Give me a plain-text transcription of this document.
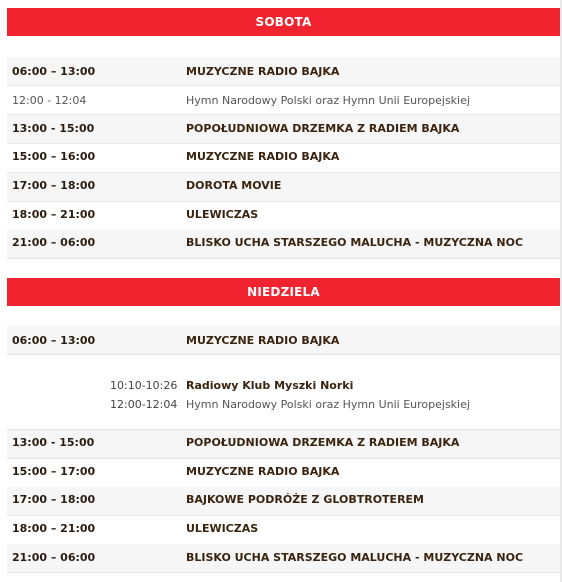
SOBOTA
06:00 – 13:00	MUZYCZNE RADIO BAJKA
12:00 - 12:04	Hymn Narodowy Polski oraz Hymn Unii Europejskiej
13:00 - 15:00	POPOŁUDNIOWA DRZEMKA Z RADIEM BAJKA
15:00 – 16:00	MUZYCZNE RADIO BAJKA
17:00 – 18:00	DOROTA MOVIE
18:00 – 21:00	ULEWICZAS
21:00 – 06:00	BLISKO UCHA STARSZEGO MALUCHA - MUZYCZNA NOC
NIEDZIELA
06:00 – 13:00	MUZYCZNE RADIO BAJKA
10:10-10:26 Radiowy Klub Myszki Norki
12:00-12:04 Hymn Narodowy Polski oraz Hymn Unii Europejskiej
13:00 - 15:00	POPOŁUDNIOWA DRZEMKA Z RADIEM BAJKA
15:00 – 17:00	MUZYCZNE RADIO BAJKA
17:00 – 18:00	BAJKOWE PODRÓŻE Z GLOBTROTEREM
18:00 – 21:00	ULEWICZAS
21:00 – 06:00	BLISKO UCHA STARSZEGO MALUCHA - MUZYCZNA NOC
